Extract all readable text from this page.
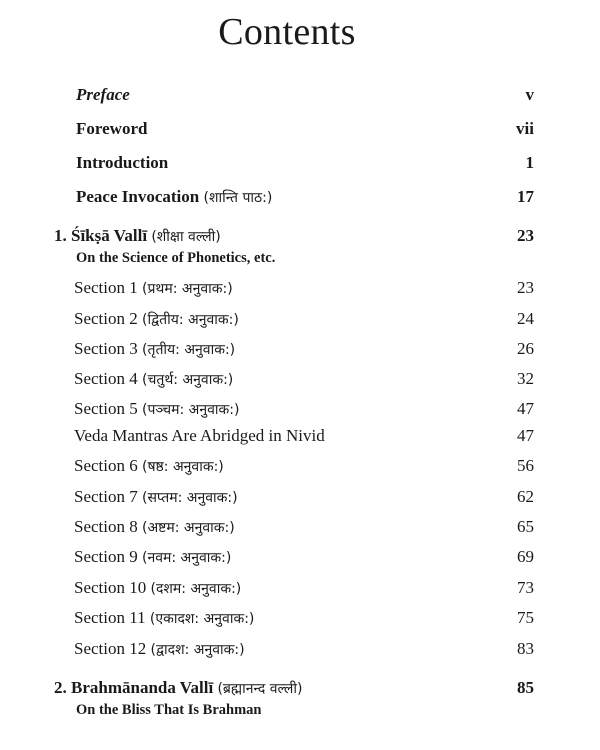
Contents
Preface	v
Foreword	vii
Introduction	1
Peace Invocation (शान्ति पाठ:)	17
1. Śīkṣā Vallī (शीक्षा वल्ली)	23
On the Science of Phonetics, etc.
Section 1 (प्रथम: अनुवाक:)	23
Section 2 (द्वितीय: अनुवाक:)	24
Section 3 (तृतीय: अनुवाक:)	26
Section 4 (चतुर्थ: अनुवाक:)	32
Section 5 (पञ्चम: अनुवाक:)	47
Veda Mantras Are Abridged in Nivid	47
Section 6 (षष्ठ: अनुवाक:)	56
Section 7 (सप्तम: अनुवाक:)	62
Section 8 (अष्टम: अनुवाक:)	65
Section 9 (नवम: अनुवाक:)	69
Section 10 (दशम: अनुवाक:)	73
Section 11 (एकादश: अनुवाक:)	75
Section 12 (द्वादश: अनुवाक:)	83
2. Brahmānanda Vallī (ब्रह्मानन्द वल्ली)	85
On the Bliss That Is Brahman
